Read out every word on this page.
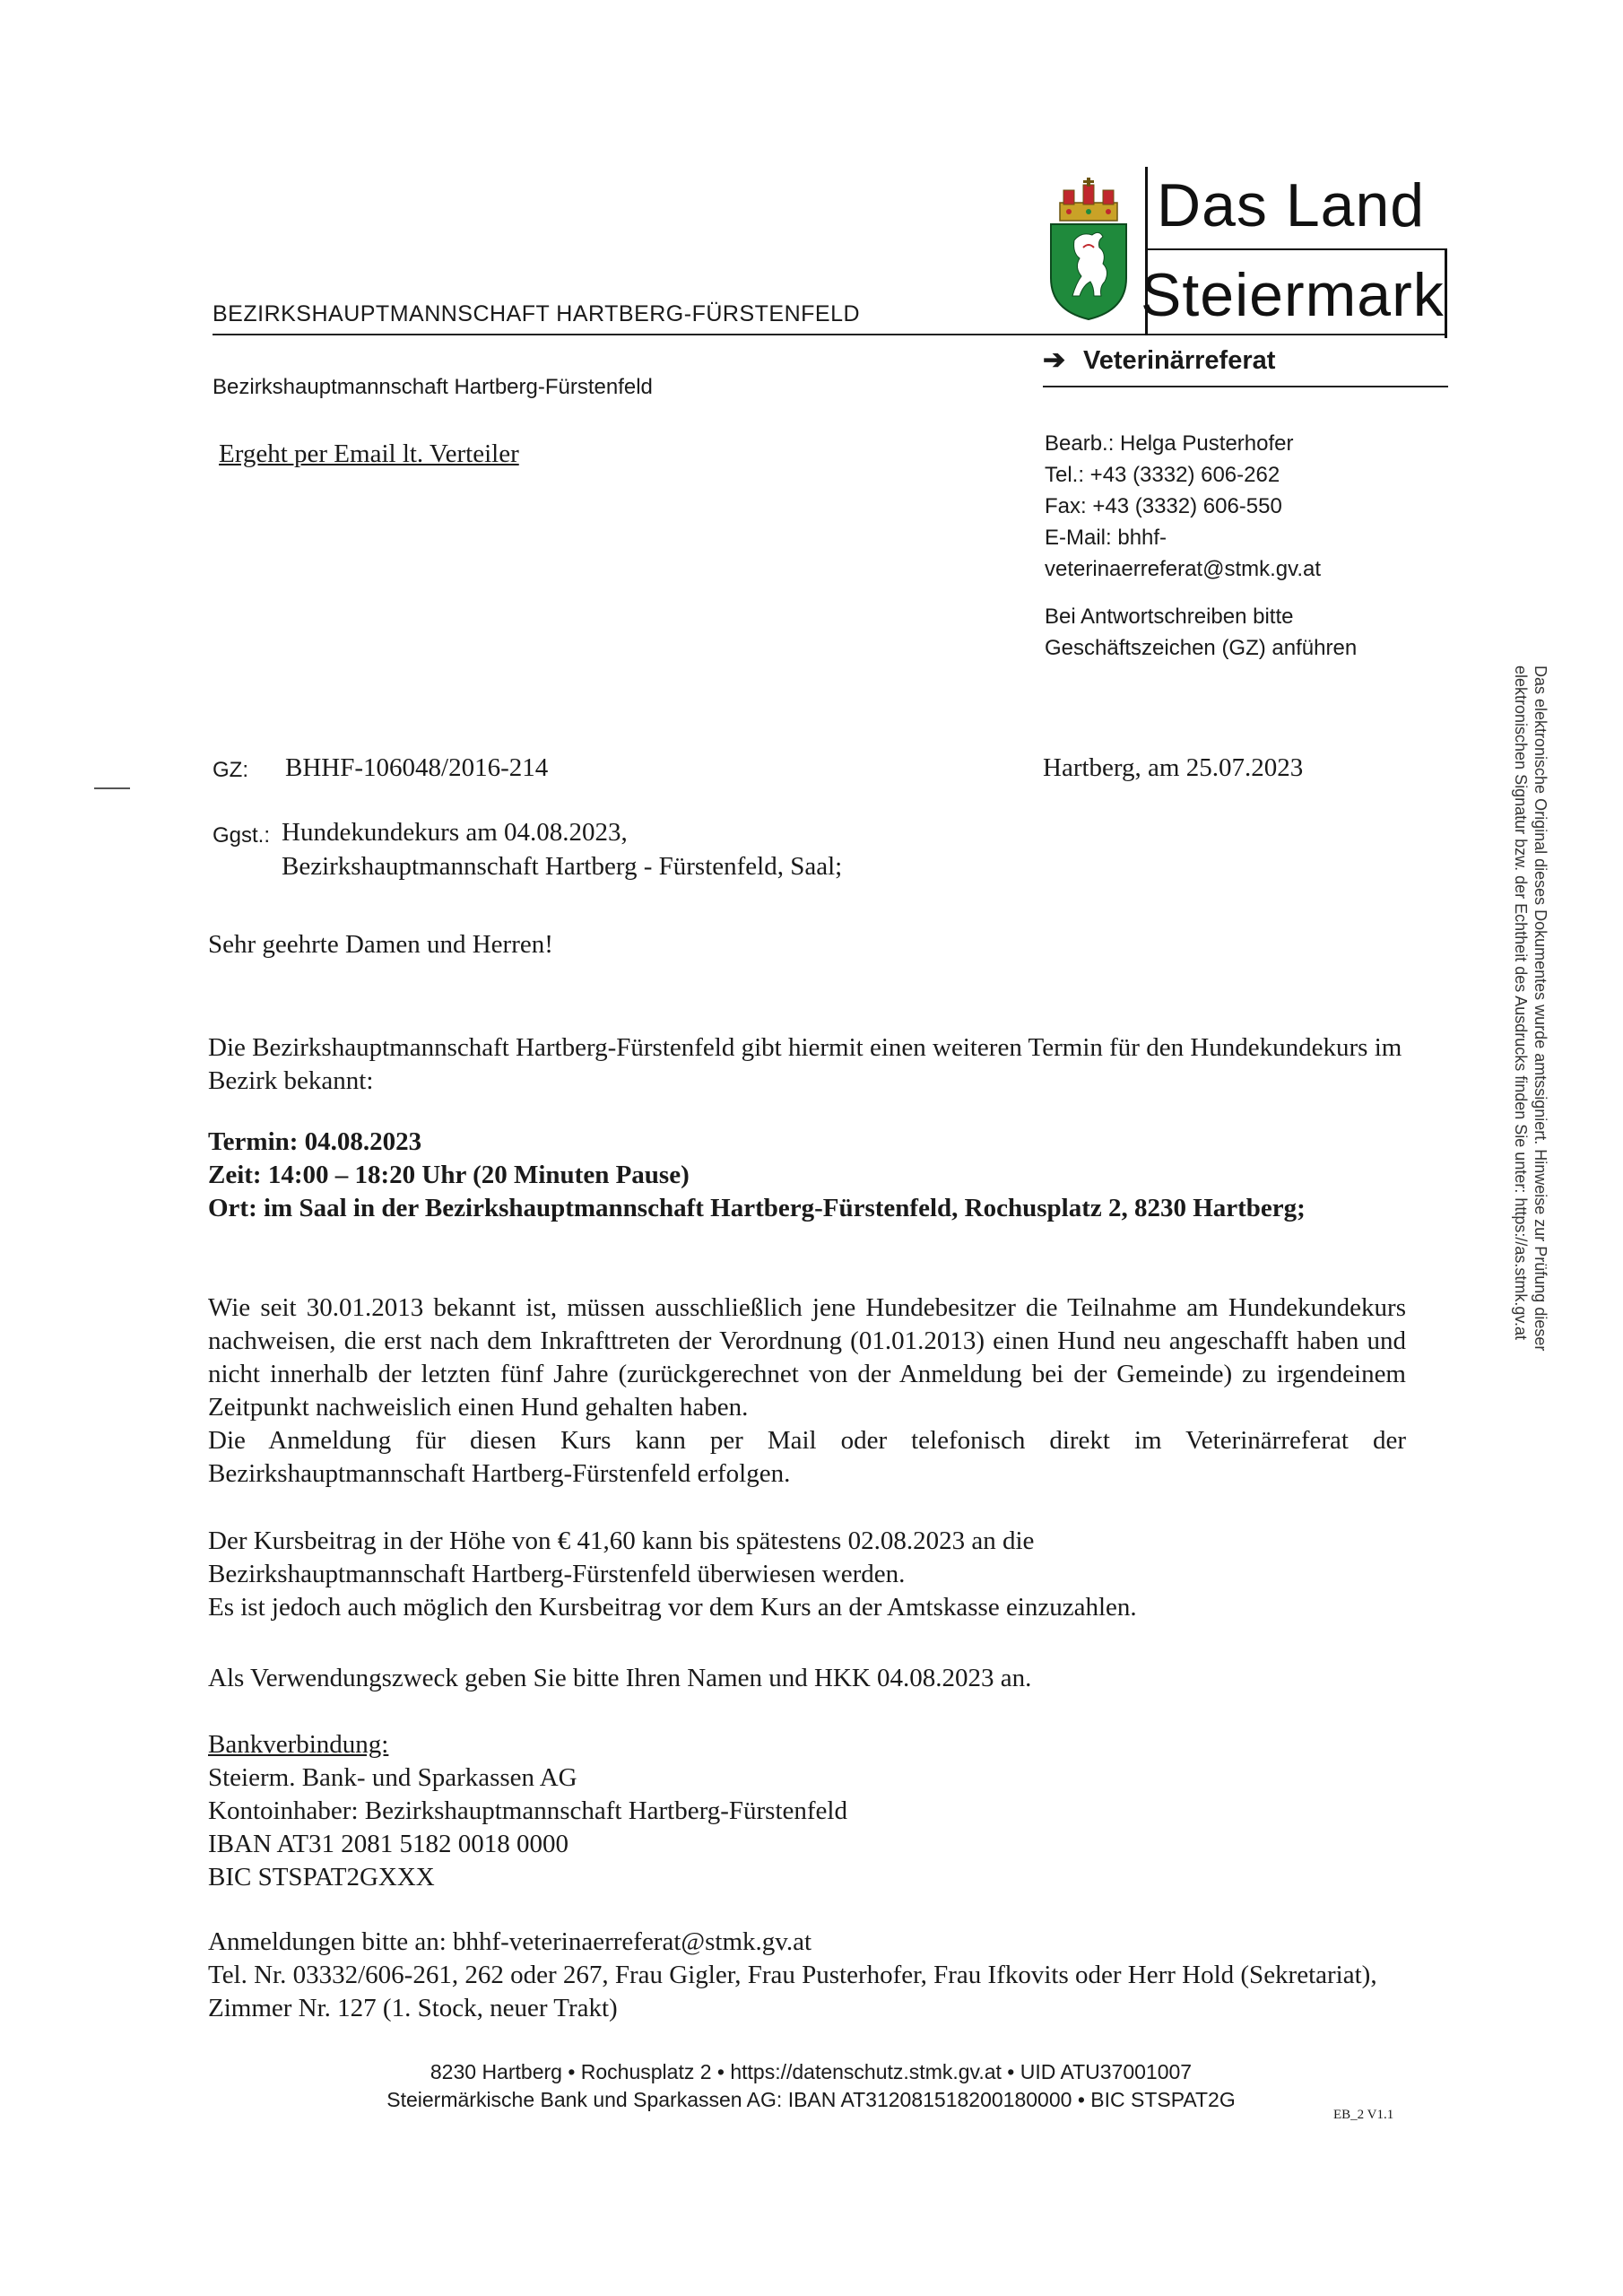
BEZIRKSHAUPTMANNSCHAFT HARTBERG-FÜRSTENFELD
Bezirkshauptmannschaft Hartberg-Fürstenfeld
Ergeht per Email lt. Verteiler
Das Land
Steiermark
➔ Veterinärreferat
Bearb.: Helga Pusterhofer
Tel.: +43 (3332) 606-262
Fax: +43 (3332) 606-550
E-Mail: bhhf-
veterinaerreferat@stmk.gv.at
Bei Antwortschreiben bitte
Geschäftszeichen (GZ) anführen
Das elektronische Original dieses Dokumentes wurde amtssigniert. Hinweise zur Prüfung dieser
elektronischen Signatur bzw. der Echtheit des Ausdrucks finden Sie unter: https://as.stmk.gv.at
GZ: BHHF-106048/2016-214	Hartberg, am 25.07.2023
Ggst.: Hundekundekurs am 04.08.2023,
Bezirkshauptmannschaft Hartberg - Fürstenfeld, Saal;
Sehr geehrte Damen und Herren!
Die Bezirkshauptmannschaft Hartberg-Fürstenfeld gibt hiermit einen weiteren Termin für den Hundekundekurs im Bezirk bekannt:
Termin: 04.08.2023
Zeit: 14:00 – 18:20 Uhr (20 Minuten Pause)
Ort: im Saal in der Bezirkshauptmannschaft Hartberg-Fürstenfeld, Rochusplatz 2, 8230 Hartberg;
Wie seit 30.01.2013 bekannt ist, müssen ausschließlich jene Hundebesitzer die Teilnahme am Hundekundekurs nachweisen, die erst nach dem Inkrafttreten der Verordnung (01.01.2013) einen Hund neu angeschafft haben und nicht innerhalb der letzten fünf Jahre (zurückgerechnet von der Anmeldung bei der Gemeinde) zu irgendeinem Zeitpunkt nachweislich einen Hund gehalten haben.
Die Anmeldung für diesen Kurs kann per Mail oder telefonisch direkt im Veterinärreferat der Bezirkshauptmannschaft Hartberg-Fürstenfeld erfolgen.
Der Kursbeitrag in der Höhe von € 41,60 kann bis spätestens 02.08.2023 an die
Bezirkshauptmannschaft Hartberg-Fürstenfeld überwiesen werden.
Es ist jedoch auch möglich den Kursbeitrag vor dem Kurs an der Amtskasse einzuzahlen.
Als Verwendungszweck geben Sie bitte Ihren Namen und HKK 04.08.2023 an.
Bankverbindung:
Steierm. Bank- und Sparkassen AG
Kontoinhaber: Bezirkshauptmannschaft Hartberg-Fürstenfeld
IBAN AT31 2081 5182 0018 0000
BIC STSPAT2GXXX
Anmeldungen bitte an: bhhf-veterinaerreferat@stmk.gv.at
Tel. Nr. 03332/606-261, 262 oder 267, Frau Gigler, Frau Pusterhofer, Frau Ifkovits oder Herr Hold (Sekretariat), Zimmer Nr. 127 (1. Stock, neuer Trakt)
8230 Hartberg • Rochusplatz 2 • https://datenschutz.stmk.gv.at • UID ATU37001007
Steiermärkische Bank und Sparkassen AG: IBAN AT312081518200180000 • BIC STSPAT2G
EB_2 V1.1
